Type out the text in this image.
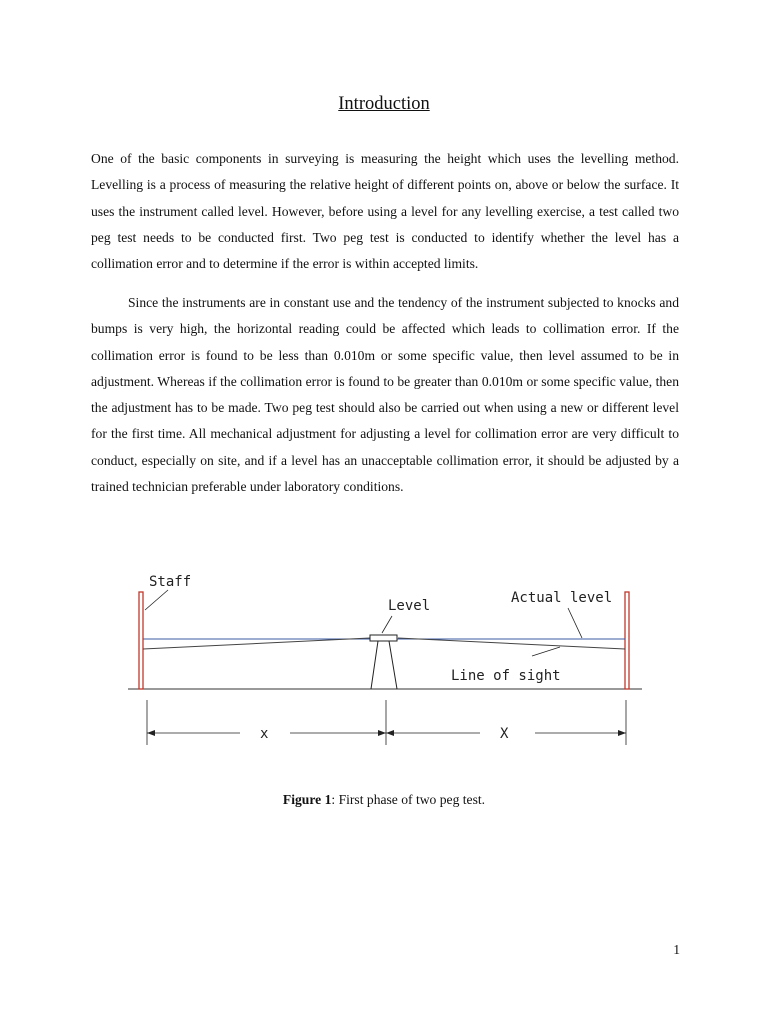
Introduction

One of the basic components in surveying is measuring the height which uses the levelling method. Levelling is a process of measuring the relative height of different points on, above or below the surface. It uses the instrument called level. However, before using a level for any levelling exercise, a test called two peg test needs to be conducted first. Two peg test is conducted to identify whether the level has a collimation error and to determine if the error is within accepted limits.

Since the instruments are in constant use and the tendency of the instrument subjected to knocks and bumps is very high, the horizontal reading could be affected which leads to collimation error. If the collimation error is found to be less than 0.010m or some specific value, then level assumed to be in adjustment. Whereas if the collimation error is found to be greater than 0.010m or some specific value, then the adjustment has to be made. Two peg test should also be carried out when using a new or different level for the first time. All mechanical adjustment for adjusting a level for collimation error are very difficult to conduct, especially on site, and if a level has an unacceptable collimation error, it should be adjusted by a trained technician preferable under laboratory conditions.

Staff
Level	Actual level
Line of sight
x	X
Figure 1: First phase of two peg test.
1
